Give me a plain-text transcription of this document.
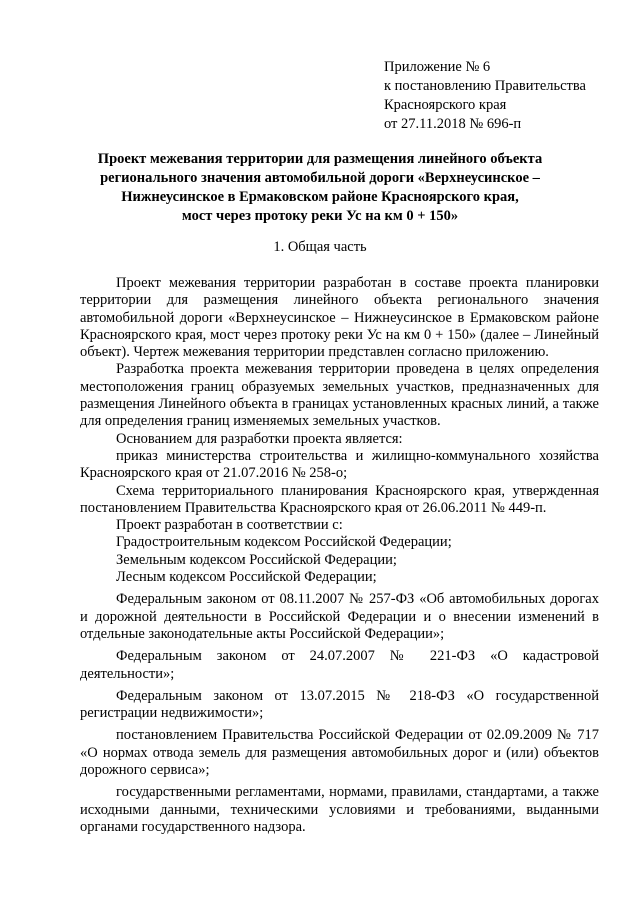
Приложение № 6
к постановлению Правительства
Красноярского края
от 27.11.2018 № 696-п
Проект межевания территории для размещения линейного объекта
регионального значения автомобильной дороги «Верхнеусинское –
Нижнеусинское в Ермаковском районе Красноярского края,
мост через протоку реки Ус на км 0 + 150»
1. Общая часть

Проект межевания территории разработан в составе проекта планировки территории для размещения линейного объекта регионального значения автомобильной дороги «Верхнеусинское – Нижнеусинское в Ермаковском районе Красноярского края, мост через протоку реки Ус на км 0 + 150» (далее – Линейный объект). Чертеж межевания территории представлен согласно приложению.

Разработка проекта межевания территории проведена в целях определения местоположения границ образуемых земельных участков, предназначенных для размещения Линейного объекта в границах установленных красных линий, а также для определения границ изменяемых земельных участков.

Основанием для разработки проекта является:

приказ министерства строительства и жилищно-коммунального хозяйства Красноярского края от 21.07.2016 № 258-о;

Схема территориального планирования Красноярского края, утвержденная постановлением Правительства Красноярского края от 26.06.2011 № 449-п.

Проект разработан в соответствии с:

Градостроительным кодексом Российской Федерации;

Земельным кодексом Российской Федерации;

Лесным кодексом Российской Федерации;

Федеральным законом от 08.11.2007 № 257-ФЗ «Об автомобильных дорогах и дорожной деятельности в Российской Федерации и о внесении изменений в отдельные законодательные акты Российской Федерации»;

Федеральным законом от 24.07.2007 № 221-ФЗ «О кадастровой деятельности»;

Федеральным законом от 13.07.2015 № 218-ФЗ «О государственной регистрации недвижимости»;

постановлением Правительства Российской Федерации от 02.09.2009 № 717 «О нормах отвода земель для размещения автомобильных дорог и (или) объектов дорожного сервиса»;

государственными регламентами, нормами, правилами, стандартами, а также исходными данными, техническими условиями и требованиями, выданными органами государственного надзора.
